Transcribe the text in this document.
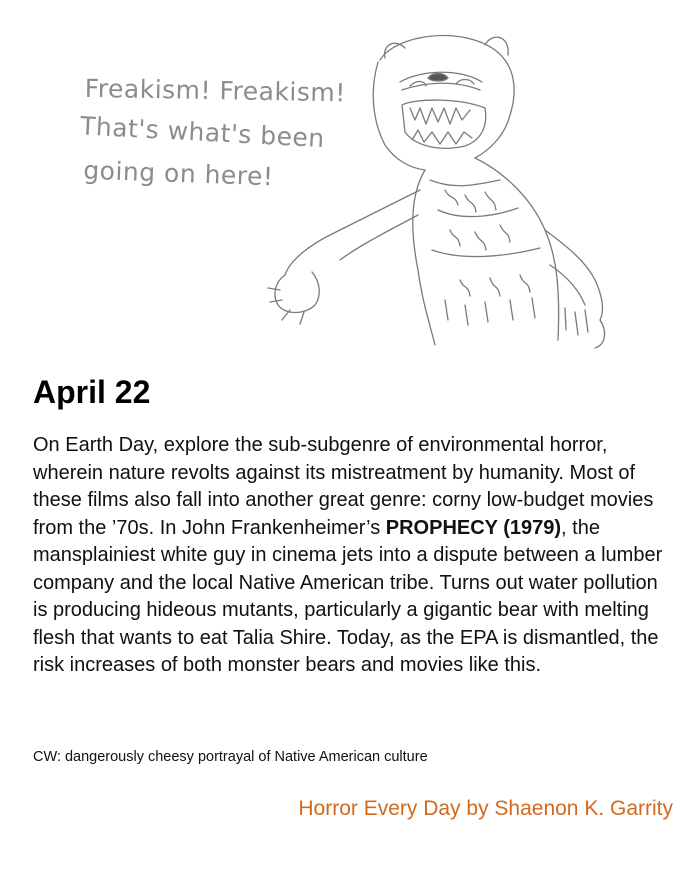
Freakism! Freakism!
That's what's been
going on here!
April 22

On Earth Day, explore the sub-subgenre of environmental horror, wherein nature revolts against its mistreatment by humanity. Most of these films also fall into another great genre: corny low-budget movies from the ’70s. In John Frankenheimer’s PROPHECY (1979), the mansplainiest white guy in cinema jets into a dispute between a lumber company and the local Native American tribe. Turns out water pollution is producing hideous mutants, particularly a gigantic bear with melting flesh that wants to eat Talia Shire. Today, as the EPA is dismantled, the risk increases of both monster bears and movies like this.

CW: dangerously cheesy portrayal of Native American culture

Horror Every Day by Shaenon K. Garrity
